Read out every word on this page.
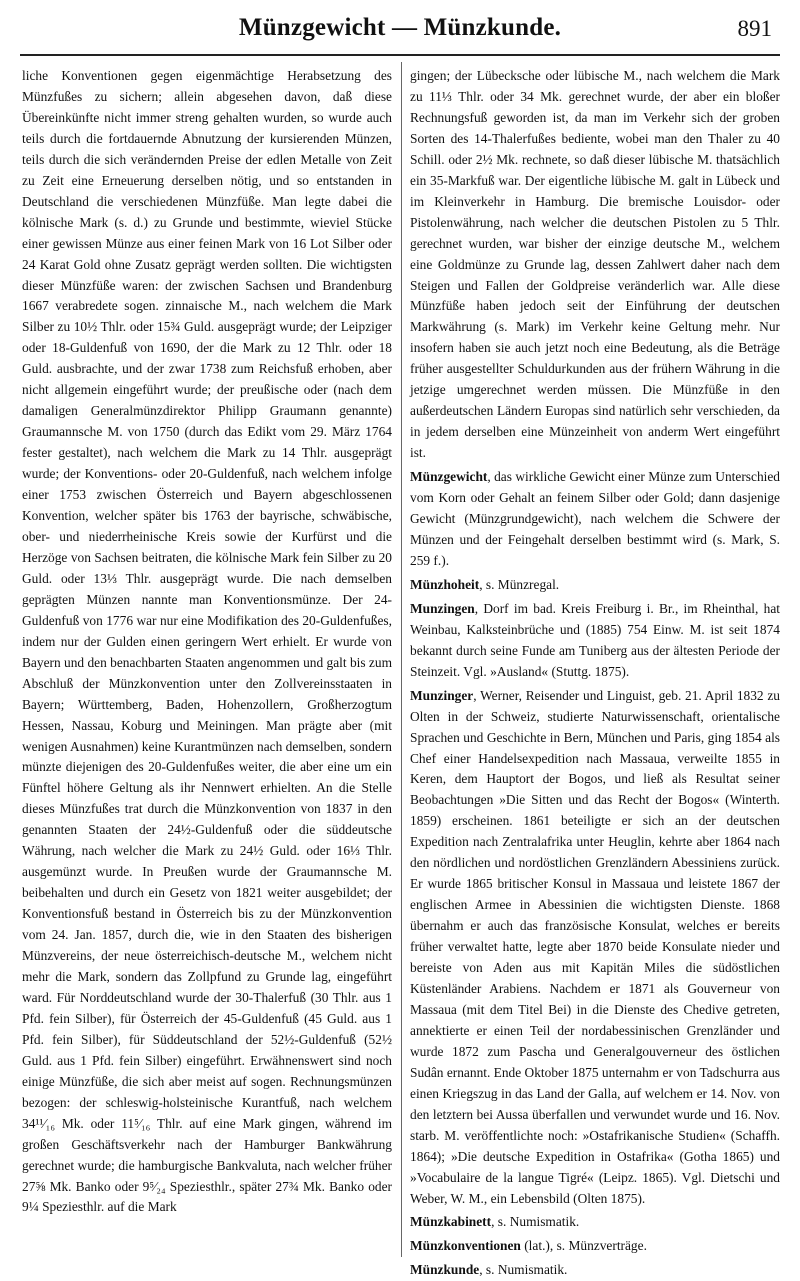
Münzgewicht — Münzkunde.	891

liche Konventionen gegen eigenmächtige Herabsetzung des Münzfußes zu sichern; allein abgesehen davon, daß diese Übereinkünfte nicht immer streng gehalten wurden, so wurde auch teils durch die fortdauernde Abnutzung der kursierenden Münzen, teils durch die sich verändernden Preise der edlen Metalle von Zeit zu Zeit eine Erneuerung derselben nötig, und so entstanden in Deutschland die verschiedenen Münzfüße. Man legte dabei die kölnische Mark (s. d.) zu Grunde und bestimmte, wieviel Stücke einer gewissen Münze aus einer feinen Mark von 16 Lot Silber oder 24 Karat Gold ohne Zusatz geprägt werden sollten. Die wichtigsten dieser Münzfüße waren: der zwischen Sachsen und Brandenburg 1667 verabredete sogen. zinnaische M., nach welchem die Mark Silber zu 10½ Thlr. oder 15¾ Guld. ausgeprägt wurde; der Leipziger oder 18-Guldenfuß von 1690, der die Mark zu 12 Thlr. oder 18 Guld. ausbrachte, und der zwar 1738 zum Reichsfuß erhoben, aber nicht allgemein eingeführt wurde; der preußische oder (nach dem damaligen Generalmünzdirektor Philipp Graumann genannte) Graumannsche M. von 1750 (durch das Edikt vom 29. März 1764 fester gestaltet), nach welchem die Mark zu 14 Thlr. ausgeprägt wurde; der Konventions- oder 20-Guldenfuß, nach welchem infolge einer 1753 zwischen Österreich und Bayern abgeschlossenen Konvention, welcher später bis 1763 der bayrische, schwäbische, ober- und niederrheinische Kreis sowie der Kurfürst und die Herzöge von Sachsen beitraten, die kölnische Mark fein Silber zu 20 Guld. oder 13⅓ Thlr. ausgeprägt wurde. Die nach demselben geprägten Münzen nannte man Konventionsmünze. Der 24-Guldenfuß von 1776 war nur eine Modifikation des 20-Guldenfußes, indem nur der Gulden einen geringern Wert erhielt. Er wurde von Bayern und den benachbarten Staaten angenommen und galt bis zum Abschluß der Münzkonvention unter den Zollvereinsstaaten in Bayern; Württemberg, Baden, Hohenzollern, Großherzogtum Hessen, Nassau, Koburg und Meiningen. Man prägte aber (mit wenigen Ausnahmen) keine Kurantmünzen nach demselben, sondern münzte diejenigen des 20-Guldenfußes weiter, die aber eine um ein Fünftel höhere Geltung als ihr Nennwert erhielten. An die Stelle dieses Münzfußes trat durch die Münzkonvention von 1837 in den genannten Staaten der 24½-Guldenfuß oder die süddeutsche Währung, nach welcher die Mark zu 24½ Guld. oder 16⅓ Thlr. ausgemünzt wurde. In Preußen wurde der Graumannsche M. beibehalten und durch ein Gesetz von 1821 weiter ausgebildet; der Konventionsfuß bestand in Österreich bis zu der Münzkonvention vom 24. Jan. 1857, durch die, wie in den Staaten des bisherigen Münzvereins, der neue österreichisch-deutsche M., welchem nicht mehr die Mark, sondern das Zollpfund zu Grunde lag, eingeführt ward. Für Norddeutschland wurde der 30-Thalerfuß (30 Thlr. aus 1 Pfd. fein Silber), für Österreich der 45-Guldenfuß (45 Guld. aus 1 Pfd. fein Silber), für Süddeutschland der 52½-Guldenfuß (52½ Guld. aus 1 Pfd. fein Silber) eingeführt. Erwähnenswert sind noch einige Münzfüße, die sich aber meist auf sogen. Rechnungsmünzen bezogen: der schleswig-holsteinische Kurantfuß, nach welchem 34¹¹⁄₁₆ Mk. oder 11⁵⁄₁₆ Thlr. auf eine Mark gingen, während im großen Geschäftsverkehr nach der Hamburger Bankwährung gerechnet wurde; die hamburgische Bankvaluta, nach welcher früher 27⅝ Mk. Banko oder 9⁵⁄₂₄ Speziesthlr., später 27¾ Mk. Banko oder 9¼ Speziesthlr. auf die Mark

gingen; der Lübecksche oder lübische M., nach welchem die Mark zu 11⅓ Thlr. oder 34 Mk. gerechnet wurde, der aber ein bloßer Rechnungsfuß geworden ist, da man im Verkehr sich der groben Sorten des 14-Thalerfußes bediente, wobei man den Thaler zu 40 Schill. oder 2½ Mk. rechnete, so daß dieser lübische M. thatsächlich ein 35-Markfuß war. Der eigentliche lübische M. galt in Lübeck und im Kleinverkehr in Hamburg. Die bremische Louisdor- oder Pistolenwährung, nach welcher die deutschen Pistolen zu 5 Thlr. gerechnet wurden, war bisher der einzige deutsche M., welchem eine Goldmünze zu Grunde lag, dessen Zahlwert daher nach dem Steigen und Fallen der Goldpreise veränderlich war. Alle diese Münzfüße haben jedoch seit der Einführung der deutschen Markwährung (s. Mark) im Verkehr keine Geltung mehr. Nur insofern haben sie auch jetzt noch eine Bedeutung, als die Beträge früher ausgestellter Schuldurkunden aus der frühern Währung in die jetzige umgerechnet werden müssen. Die Münzfüße in den außerdeutschen Ländern Europas sind natürlich sehr verschieden, da in jedem derselben eine Münzeinheit von anderm Wert eingeführt ist.

Münzgewicht, das wirkliche Gewicht einer Münze zum Unterschied vom Korn oder Gehalt an feinem Silber oder Gold; dann dasjenige Gewicht (Münzgrundgewicht), nach welchem die Schwere der Münzen und der Feingehalt derselben bestimmt wird (s. Mark, S. 259 f.).

Münzhoheit, s. Münzregal.

Munzingen, Dorf im bad. Kreis Freiburg i. Br., im Rheinthal, hat Weinbau, Kalksteinbrüche und (1885) 754 Einw. M. ist seit 1874 bekannt durch seine Funde am Tuniberg aus der ältesten Periode der Steinzeit. Vgl. »Ausland« (Stuttg. 1875).

Munzinger, Werner, Reisender und Linguist, geb. 21. April 1832 zu Olten in der Schweiz, studierte Naturwissenschaft, orientalische Sprachen und Geschichte in Bern, München und Paris, ging 1854 als Chef einer Handelsexpedition nach Massaua, verweilte 1855 in Keren, dem Hauptort der Bogos, und ließ als Resultat seiner Beobachtungen »Die Sitten und das Recht der Bogos« (Winterth. 1859) erscheinen. 1861 beteiligte er sich an der deutschen Expedition nach Zentralafrika unter Heuglin, kehrte aber 1864 nach den nördlichen und nordöstlichen Grenzländern Abessiniens zurück. Er wurde 1865 britischer Konsul in Massaua und leistete 1867 der englischen Armee in Abessinien die wichtigsten Dienste. 1868 übernahm er auch das französische Konsulat, welches er bereits früher verwaltet hatte, legte aber 1870 beide Konsulate nieder und bereiste von Aden aus mit Kapitän Miles die südöstlichen Küstenländer Arabiens. Nachdem er 1871 als Gouverneur von Massaua (mit dem Titel Bei) in die Dienste des Chedive getreten, annektierte er einen Teil der nordabessinischen Grenzländer und wurde 1872 zum Pascha und Generalgouverneur des östlichen Sudân ernannt. Ende Oktober 1875 unternahm er von Tadschurra aus einen Kriegszug in das Land der Galla, auf welchem er 14. Nov. von den letztern bei Aussa überfallen und verwundet wurde und 16. Nov. starb. M. veröffentlichte noch: »Ostafrikanische Studien« (Schaffh. 1864); »Die deutsche Expedition in Ostafrika« (Gotha 1865) und »Vocabulaire de la langue Tigré« (Leipz. 1865). Vgl. Dietschi und Weber, W. M., ein Lebensbild (Olten 1875).

Münzkabinett, s. Numismatik.

Münzkonventionen (lat.), s. Münzverträge.

Münzkunde, s. Numismatik.
